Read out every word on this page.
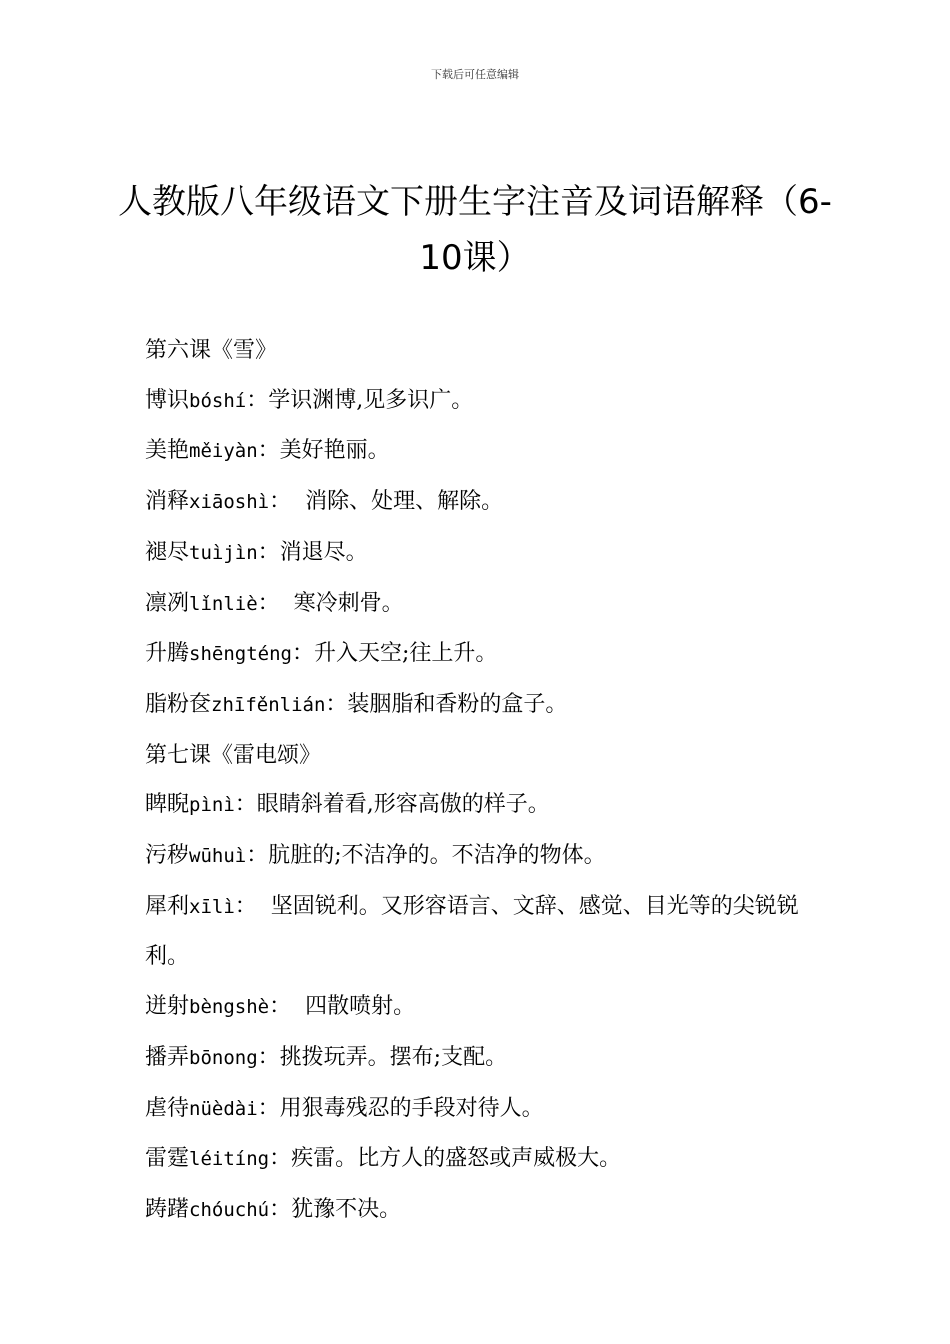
下载后可任意编辑
人教版八年级语文下册生字注音及词语解释（6-10课）

第六课《雪》

博识bóshí：学识渊博,见多识广。

美艳měiyàn：美好艳丽。

消释xiāoshì：  消除、处理、解除。

褪尽tuìjìn：消退尽。

凛冽lǐnliè：  寒冷刺骨。

升腾shēngténg：升入天空;往上升。

脂粉奁zhīfěnlián：装胭脂和香粉的盒子。

第七课《雷电颂》

睥睨pìnì：眼睛斜着看,形容高傲的样子。

污秽wūhuì：肮脏的;不洁净的。不洁净的物体。

犀利xīlì：  坚固锐利。又形容语言、文辞、感觉、目光等的尖锐锐利。

迸射bèngshè：  四散喷射。

播弄bōnong：挑拨玩弄。摆布;支配。

虐待nüèdài：用狠毒残忍的手段对待人。

雷霆léitíng：疾雷。比方人的盛怒或声威极大。

踌躇chóuchú：犹豫不决。
